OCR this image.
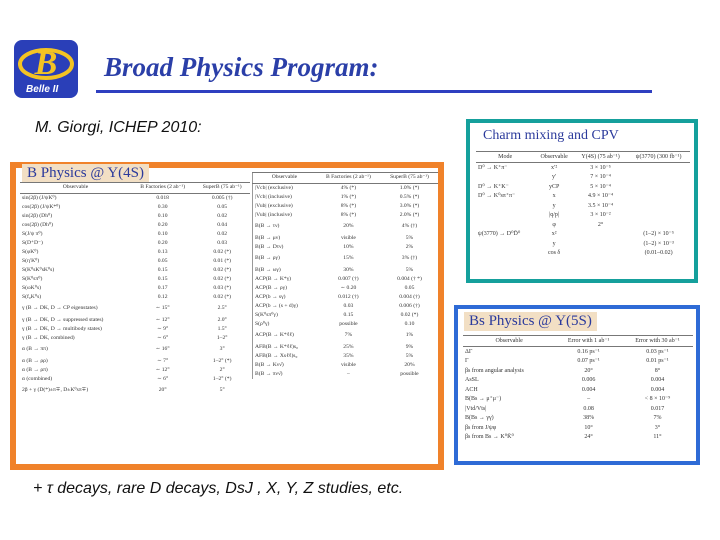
B
Belle II
Broad Physics Program:
M. Giorgi, ICHEP 2010:
B Physics @ Y(4S)
Observable	B Factories (2 ab⁻¹)	SuperB (75 ab⁻¹)
sin(2β) (J/ψK⁰)	0.018	0.005 (†)
cos(2β) (J/ψK*⁰)	0.30	0.05
sin(2β) (Dh⁰)	0.10	0.02
cos(2β) (Dh⁰)	0.20	0.04
S(J/ψ π⁰)	0.10	0.02
S(D⁺D⁻)	0.20	0.03
S(φK⁰)	0.13	0.02 (*)
S(η′K⁰)	0.05	0.01 (*)
S(K⁰sK⁰sK⁰s)	0.15	0.02 (*)
S(K⁰sπ⁰)	0.15	0.02 (*)
S(ωK⁰s)	0.17	0.03 (*)
S(f₀K⁰s)	0.12	0.02 (*)
γ (B → DK, D → CP eigenstates)	∼ 15°	2.5°
γ (B → DK, D → suppressed states)	∼ 12°	2.0°
γ (B → DK, D → multibody states)	∼ 9°	1.5°
γ (B → DK, combined)	∼ 6°	1–2°
α (B → ππ)	∼ 16°	3°
α (B → ρρ)	∼ 7°	1–2° (*)
α (B → ρπ)	∼ 12°	2°
α (combined)	∼ 6°	1–2° (*)
2β + γ (D(*)±π∓, D±K⁰sπ∓)	20°	5°
Observable	B Factories (2 ab⁻¹)	SuperB (75 ab⁻¹)
|Vcb| (exclusive)	4% (*)	1.0% (*)
|Vcb| (inclusive)	1% (*)	0.5% (*)
|Vub| (exclusive)	8% (*)	3.0% (*)
|Vub| (inclusive)	8% (*)	2.0% (*)
B(B → τν)	20%	4% (†)
B(B → μν)	visible	5%
B(B → Dτν)	10%	2%
B(B → ργ)	15%	3% (†)
B(B → ωγ)	30%	5%
ACP(B → K*γ)	0.007 (†)	0.004 († *)
ACP(B → ργ)	∼ 0.20	0.05
ACP(b → sγ)	0.012 (†)	0.004 (†)
ACP(b → (s + d)γ)	0.03	0.006 (†)
S(K⁰sπ⁰γ)	0.15	0.02 (*)
S(ρ⁰γ)	possible	0.10
ACP(B → K*ℓℓ)	7%	1%
AFB(B → K*ℓℓ)s₀	25%	9%
AFB(B → Xsℓℓ)s₀	35%	5%
B(B → Kνν̄)	visible	20%
B(B → πνν̄)	–	possible
Charm mixing and CPV
Mode	Observable	Y(4S) (75 ab⁻¹)	ψ(3770) (300 fb⁻¹)
D⁰ → K⁺π⁻	x′²	3 × 10⁻⁵	
	y′	7 × 10⁻⁴	
D⁰ → K⁺K⁻	yCP	5 × 10⁻⁴	
D⁰ → K⁰sπ⁺π⁻	x	4.9 × 10⁻⁴	
	y	3.5 × 10⁻⁴	
	|q/p|	3 × 10⁻²	
	φ	2°	
ψ(3770) → D⁰D̄⁰	x²		(1–2) × 10⁻⁵
	y		(1–2) × 10⁻³
	cos δ		(0.01–0.02)
Bs Physics @ Y(5S)
Observable	Error with 1 ab⁻¹	Error with 30 ab⁻¹
ΔΓ	0.16 ps⁻¹	0.03 ps⁻¹
Γ	0.07 ps⁻¹	0.01 ps⁻¹
βs from angular analysis	20°	8°
AsSL	0.006	0.004
ACH	0.004	0.004
B(Bs → μ⁺μ⁻)	–	< 8 × 10⁻⁹
|Vtd/Vts|	0.08	0.017
B(Bs → γγ)	38%	7%
βs from J/ψφ	10°	3°
βs from Bs → K⁰K̄⁰	24°	11°
+ τ decays, rare D decays, DsJ , X, Y, Z studies, etc.
